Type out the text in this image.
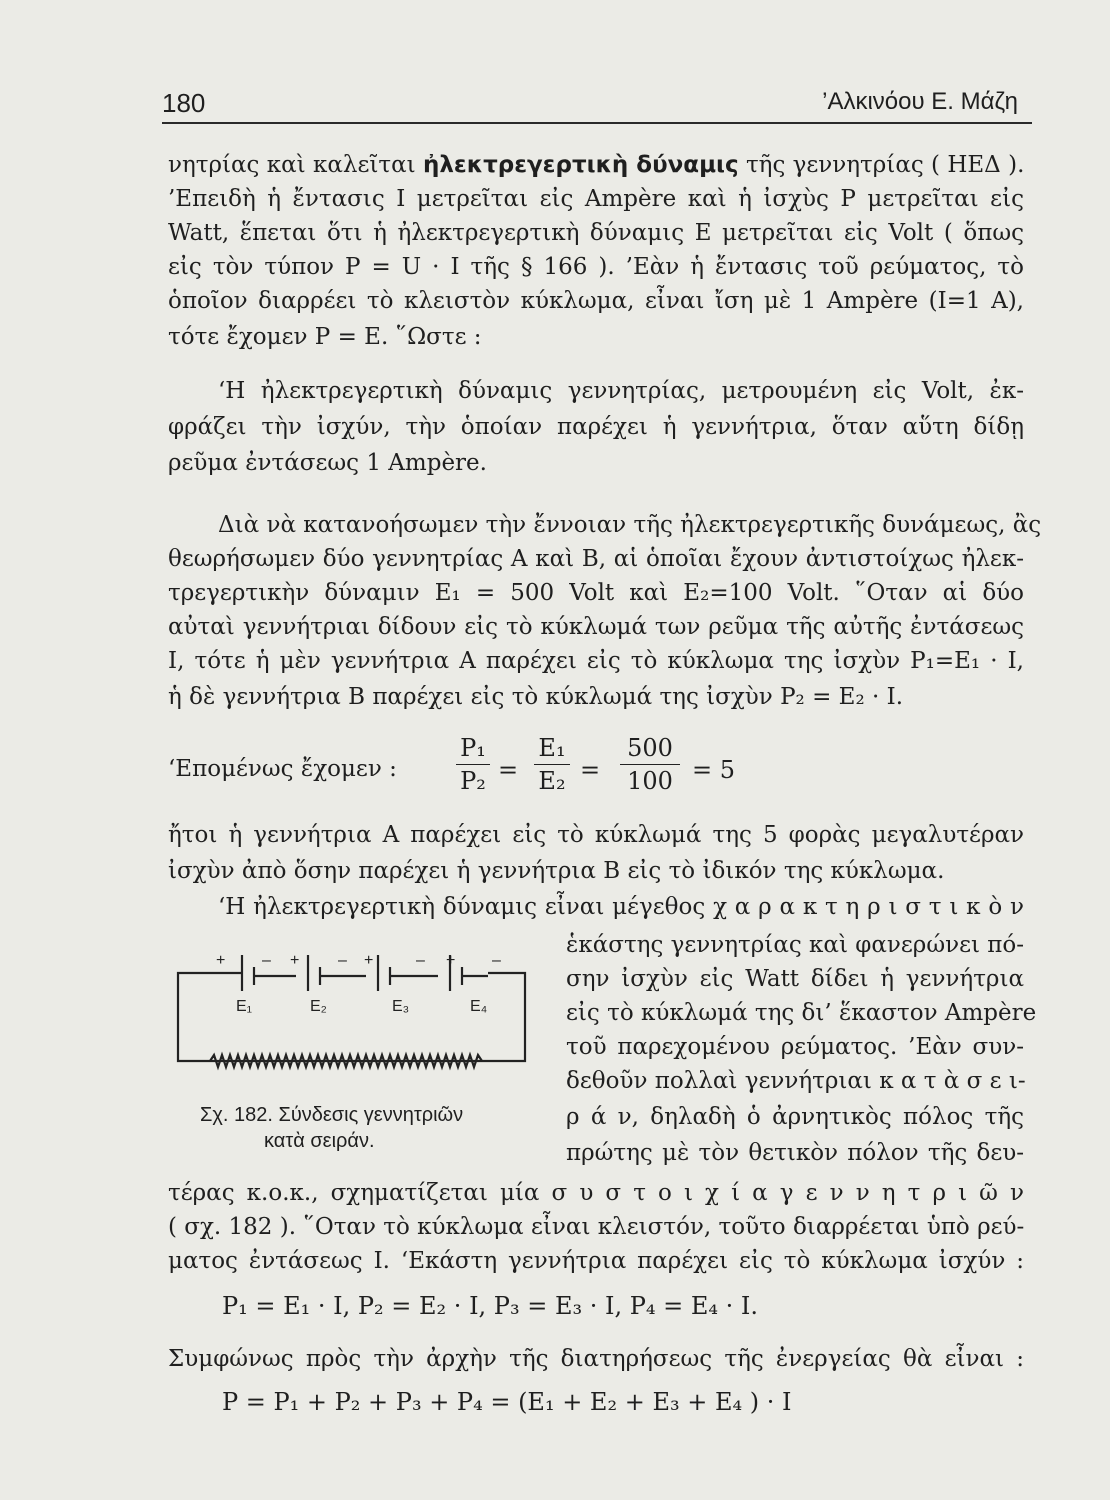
180	’Αλκινόου Ε. Μάζη
νητρίας καὶ καλεῖται ἠλεκτρεγερτικὴ δύναμις τῆς γεννητρίας ( ΗΕΔ ).
’Επειδὴ ἡ ἔντασις Ι μετρεῖται εἰς Ampère καὶ ἡ ἰσχὺς Ρ μετρεῖται εἰς
Watt, ἕπεται ὅτι ἡ ἠλεκτρεγερτικὴ δύναμις Ε μετρεῖται εἰς Volt ( ὅπως
εἰς τὸν τύπον Ρ = U · I τῆς § 166 ). ’Εὰν ἡ ἔντασις τοῦ ρεύματος, τὸ
ὁποῖον διαρρέει τὸ κλειστὸν κύκλωμα, εἶναι ἴση μὲ 1 Ampère (I=1 A),
τότε ἔχομεν Ρ = Ε. ῞Ωστε :
‘Η ἠλεκτρεγερτικὴ δύναμις γεννητρίας, μετρουμένη εἰς Volt, ἐκ-
φράζει τὴν ἰσχύν, τὴν ὁποίαν παρέχει ἡ γεννήτρια, ὅταν αὕτη δίδῃ
ρεῦμα ἐντάσεως 1 Ampère.
Διὰ νὰ κατανοήσωμεν τὴν ἔννοιαν τῆς ἠλεκτρεγερτικῆς δυνάμεως, ἂς
θεωρήσωμεν δύο γεννητρίας Α καὶ Β, αἱ ὁποῖαι ἔχουν ἀντιστοίχως ἠλεκ-
τρεγερτικὴν δύναμιν Ε₁ = 500 Volt καὶ Ε₂=100 Volt. ῞Οταν αἱ δύο
αὐταὶ γεννήτριαι δίδουν εἰς τὸ κύκλωμά των ρεῦμα τῆς αὐτῆς ἐντάσεως
Ι, τότε ἡ μὲν γεννήτρια Α παρέχει εἰς τὸ κύκλωμα της ἰσχὺν Ρ₁=Ε₁ · Ι,
ἡ δὲ γεννήτρια Β παρέχει εἰς τὸ κύκλωμά της ἰσχὺν Ρ₂ = Ε₂ · Ι.
‘Επομένως ἔχομεν : $\frac{\text{Ρ₁}}{\text{Ρ₂}} = \frac{\text{Ε₁}}{\text{Ε₂}} = \frac{500}{100} = 5$
ἤτοι ἡ γεννήτρια Α παρέχει εἰς τὸ κύκλωμά της 5 φορὰς μεγαλυτέραν
ἰσχὺν ἀπὸ ὅσην παρέχει ἡ γεννήτρια Β εἰς τὸ ἰδικόν της κύκλωμα.
‘Η ἠλεκτρεγερτικὴ δύναμις εἶναι μέγεθος χ α ρ α κ τ η ρ ι σ τ ι κ ὸ ν
+ – + – +	– + –
Ε₁	Ε₂	Ε₃	Ε₄
Σχ. 182. Σύνδεσις γεννητριῶν
κατὰ σειράν.
ἑκάστης γεννητρίας καὶ φανερώνει πό-
σην ἰσχὺν εἰς Watt δίδει ἡ γεννήτρια
εἰς τὸ κύκλωμά της δι’ ἕκαστον Ampère
τοῦ παρεχομένου ρεύματος. ’Εὰν συν-
δεθοῦν πολλαὶ γεννήτριαι κ α τ ὰ σ ε ι-
ρ ά ν, δηλαδὴ ὁ ἀρνητικὸς πόλος τῆς
πρώτης μὲ τὸν θετικὸν πόλον τῆς δευ-
τέρας κ.ο.κ., σχηματίζεται μία σ υ σ τ ο ι χ ί α γ ε ν ν η τ ρ ι ῶ ν
( σχ. 182 ). ῞Οταν τὸ κύκλωμα εἶναι κλειστόν, τοῦτο διαρρέεται ὑπὸ ρεύ-
ματος ἐντάσεως Ι. ‘Εκάστη γεννήτρια παρέχει εἰς τὸ κύκλωμα ἰσχύν :
Ρ₁ = Ε₁ · Ι, Ρ₂ = Ε₂ · Ι, Ρ₃ = Ε₃ · Ι, Ρ₄ = Ε₄ · Ι.
Συμφώνως πρὸς τὴν ἀρχὴν τῆς διατηρήσεως τῆς ἐνεργείας θὰ εἶναι :
Ρ = Ρ₁ + Ρ₂ + Ρ₃ + Ρ₄ = (Ε₁ + Ε₂ + Ε₃ + Ε₄ ) · Ι
